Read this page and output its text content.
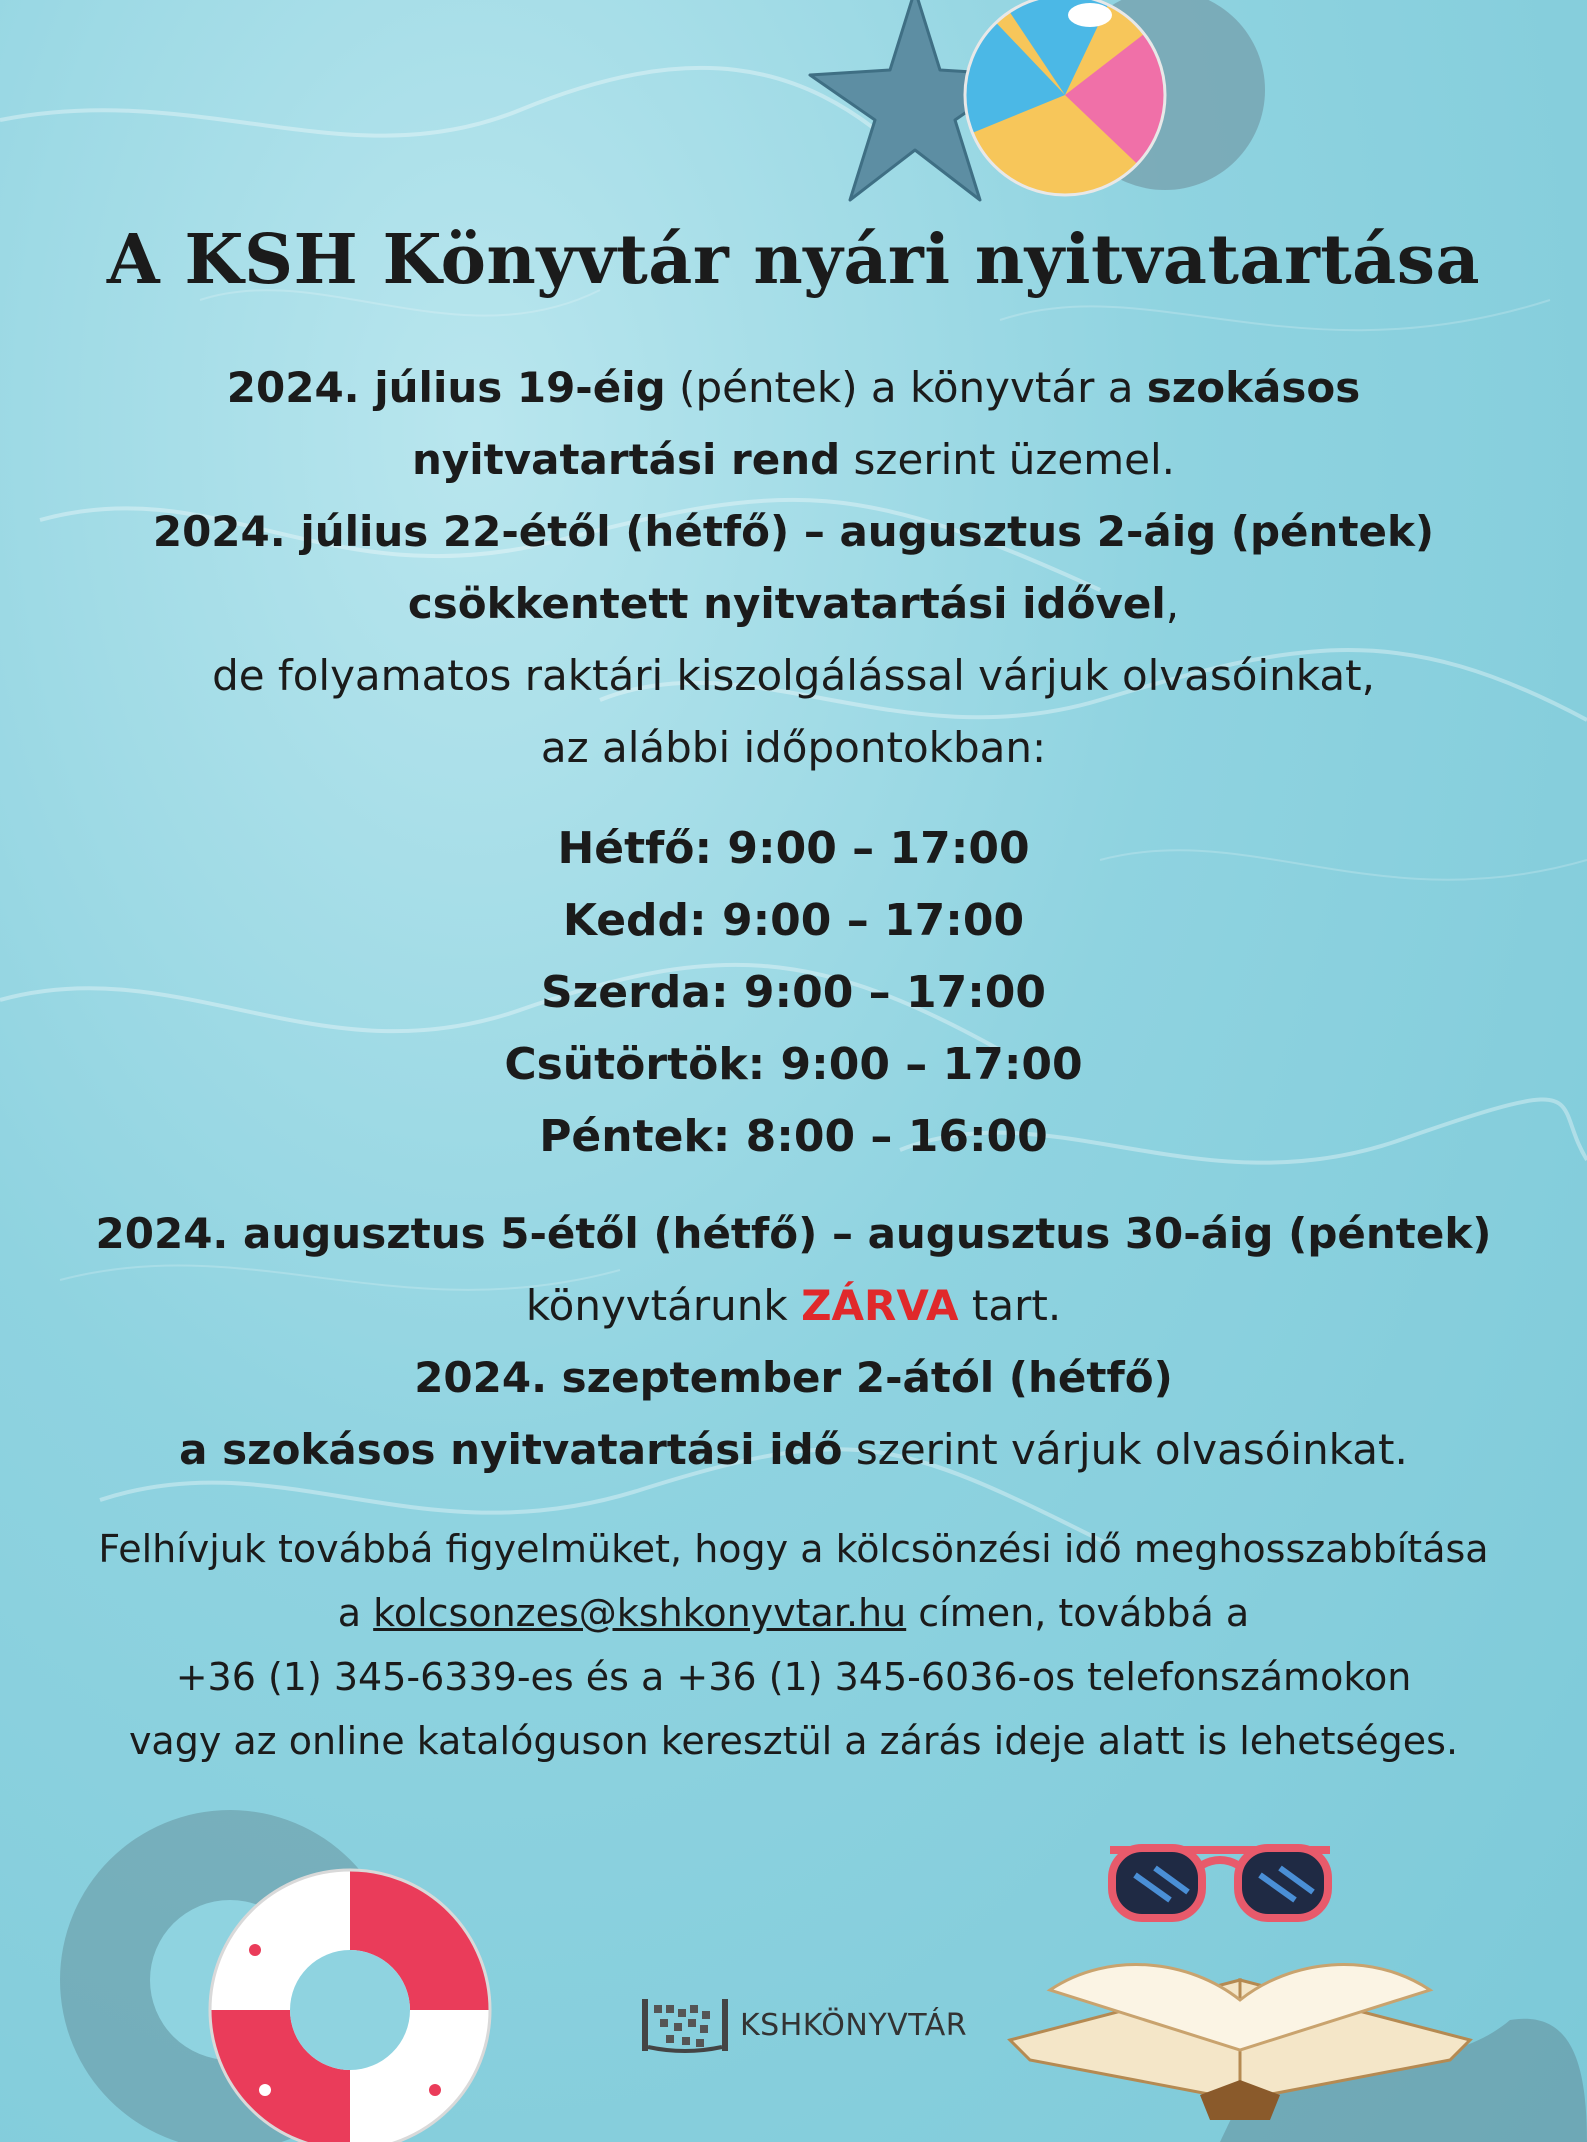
A KSH Könyvtár nyári nyitvatartása
2024. július 19-éig (péntek) a könyvtár a szokásos
nyitvatartási rend szerint üzemel.
2024. július 22-étől (hétfő) – augusztus 2-áig (péntek)
csökkentett nyitvatartási idővel,
de folyamatos raktári kiszolgálással várjuk olvasóinkat,
az alábbi időpontokban:
Hétfő: 9:00 – 17:00
Kedd: 9:00 – 17:00
Szerda: 9:00 – 17:00
Csütörtök: 9:00 – 17:00
Péntek: 8:00 – 16:00
2024. augusztus 5-étől (hétfő) – augusztus 30-áig (péntek)
könyvtárunk ZÁRVA tart.
2024. szeptember 2-ától (hétfő)
a szokásos nyitvatartási idő szerint várjuk olvasóinkat.
Felhívjuk továbbá figyelmüket, hogy a kölcsönzési idő meghosszabbítása
a kolcsonzes@kshkonyvtar.hu címen, továbbá a
+36 (1) 345-6339-es és a +36 (1) 345-6036-os telefonszámokon
vagy az online katalóguson keresztül a zárás ideje alatt is lehetséges.
KSHKÖNYVTÁR
